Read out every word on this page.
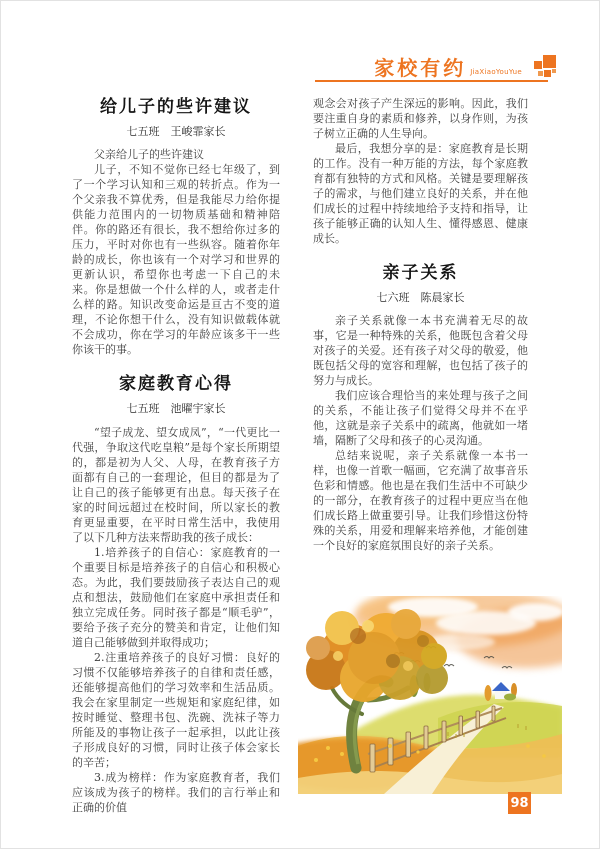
家校有约 JiaXiaoYouYue
给儿子的些许建议
七五班　王峻霏家长

父亲给儿子的些许建议

儿子，不知不觉你已经七年级了，到了一个学习认知和三观的转折点。作为一个父亲我不算优秀，但是我能尽力给你提供能力范围内的一切物质基础和精神陪伴。你的路还有很长，我不想给你过多的压力，平时对你也有一些纵容。随着你年龄的成长，你也该有一个对学习和世界的更新认识，希望你也考虑一下自己的未来。你是想做一个什么样的人，或者走什么样的路。知识改变命运是亘古不变的道理，不论你想干什么，没有知识做载体就不会成功，你在学习的年龄应该多干一些你该干的事。

家庭教育心得
七五班　池曜宇家长

“望子成龙、望女成凤”，“一代更比一代强，争取这代吃皇粮”是每个家长所期望的，都是初为人父、人母，在教育孩子方面都有自己的一套理论，但目的都是为了让自己的孩子能够更有出息。每天孩子在家的时间远超过在校时间，所以家长的教育更显重要，在平时日常生活中，我使用了以下几种方法来帮助我的孩子成长：

1.培养孩子的自信心：家庭教育的一个重要目标是培养孩子的自信心和积极心态。为此，我们要鼓励孩子表达自己的观点和想法，鼓励他们在家庭中承担责任和独立完成任务。同时孩子都是“顺毛驴”，要给予孩子充分的赞美和肯定，让他们知道自己能够做到并取得成功；

2.注重培养孩子的良好习惯：良好的习惯不仅能够培养孩子的自律和责任感，还能够提高他们的学习效率和生活品质。我会在家里制定一些规矩和家庭纪律，如按时睡觉、整理书包、洗碗、洗袜子等力所能及的事物让孩子一起承担，以此让孩子形成良好的习惯，同时让孩子体会家长的辛苦；

3.成为榜样：作为家庭教育者，我们应该成为孩子的榜样。我们的言行举止和正确的价值

观念会对孩子产生深远的影响。因此，我们要注重自身的素质和修养，以身作则，为孩子树立正确的人生导向。

最后，我想分享的是：家庭教育是长期的工作。没有一种万能的方法，每个家庭教育都有独特的方式和风格。关键是要理解孩子的需求，与他们建立良好的关系，并在他们成长的过程中持续地给予支持和指导，让孩子能够正确的认知人生、懂得感恩、健康成长。

亲子关系
七六班　陈晨家长

亲子关系就像一本书充满着无尽的故事，它是一种特殊的关系，他既包含着父母对孩子的关爱。还有孩子对父母的敬爱，他既包括父母的宽容和理解，也包括了孩子的努力与成长。

我们应该合理恰当的来处理与孩子之间的关系，不能让孩子们觉得父母并不在乎他，这就是亲子关系中的疏离，他就如一堵墙，隔断了父母和孩子的心灵沟通。

总结来说呢，亲子关系就像一本书一样，也像一首歌一幅画，它充满了故事音乐色彩和情感。他也是在我们生活中不可缺少的一部分，在教育孩子的过程中更应当在他们成长路上做重要引导。让我们珍惜这份特殊的关系，用爱和理解来培养他，才能创建一个良好的家庭氛围良好的亲子关系。

98
